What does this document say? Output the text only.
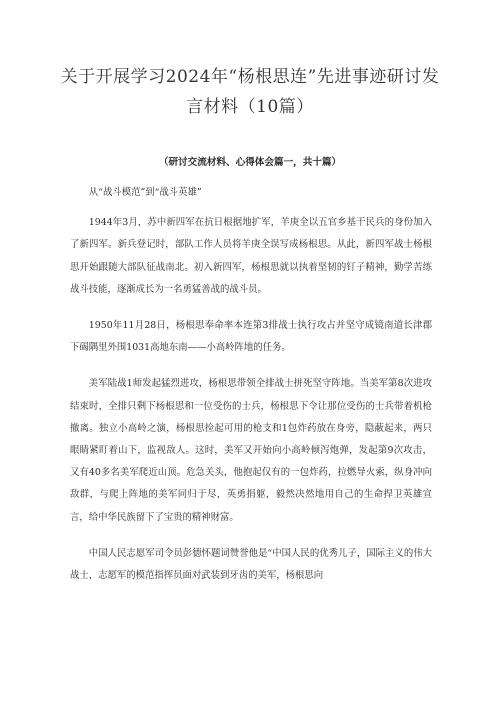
关于开展学习2024年“杨根思连”先进事迹研讨发言材料（10篇）
（研讨交流材料、心得体会篇一，共十篇）

从“战斗模范”到“战斗英雄”

1944年3月，苏中新四军在抗日根据地扩军，羊庚全以五官乡基干民兵的身份加入了新四军。新兵登记时，部队工作人员将羊庚全误写成杨根思。从此，新四军战士杨根思开始跟随大部队征战南北。初入新四军，杨根思就以执着坚韧的钉子精神，勤学苦练战斗技能，逐渐成长为一名勇猛善战的战斗员。

1950年11月28日，杨根思奉命率本连第3排战士执行攻占并坚守成镜南道长津郡下碣隅里外围1031高地东南——小高岭阵地的任务。

美军陆战1师发起猛烈进攻，杨根思带领全排战士拼死坚守阵地。当美军第8次进攻结束时，全排只剩下杨根思和一位受伤的士兵，杨根思下令让那位受伤的士兵带着机枪撤离。独立小高岭之演，杨根思捡起可用的枪支和1包炸药放在身旁，隐蔽起来，两只眼睛紧盯着山下，监视敌人。这时，美军又开始向小高岭倾泻炮弹，发起第9次攻击，又有40多名美军爬近山顶。危急关头，他抱起仅有的一包炸药，拉燃导火索，纵身冲向敌群，与爬上阵地的美军同归于尽，英勇捐躯，毅然决然地用自己的生命捍卫英雄宣言，给中华民族留下了宝贵的精神财富。

中国人民志愿军司令员彭德怀题词赞誉他是“中国人民的优秀儿子，国际主义的伟大战士，志愿军的模范指挥员面对武装到牙齿的美军，杨根思向
